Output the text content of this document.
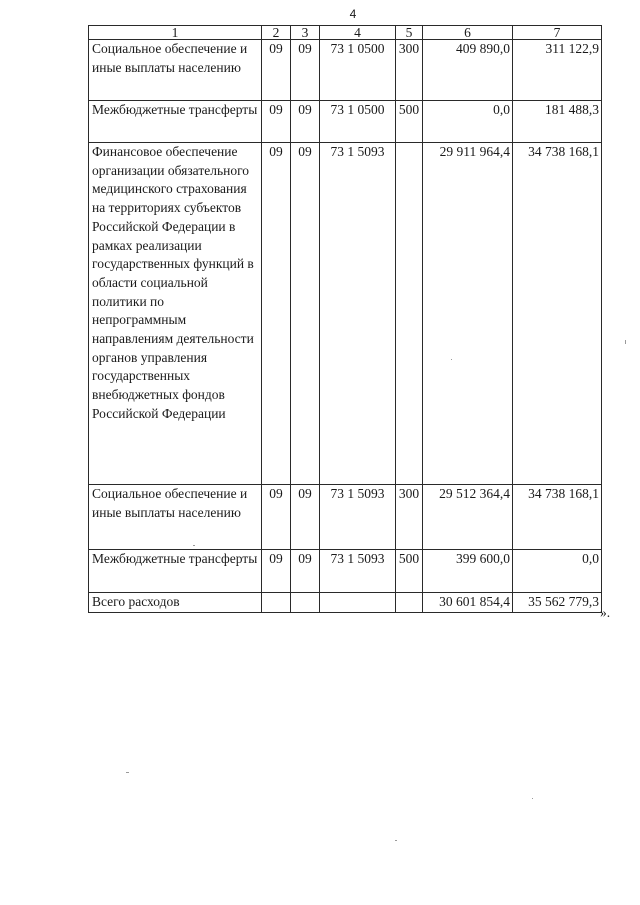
4
1	2	3	4	5	6	7
Социальное обеспечение и иные выплаты населению	09	09	73 1 0500	300	409 890,0	311 122,9
Межбюджетные трансферты	09	09	73 1 0500	500	0,0	181 488,3
Финансовое обеспечение организации обязательного медицинского страхования на территориях субъектов Российской Федерации в рамках реализации государственных функций в области социальной политики по непрограммным направлениям деятельности органов управления государственных внебюджетных фондов Российской Федерации	09	09	73 1 5093		29 911 964,4	34 738 168,1
Социальное обеспечение и иные выплаты населению	09	09	73 1 5093	300	29 512 364,4	34 738 168,1
Межбюджетные трансферты	09	09	73 1 5093	500	399 600,0	0,0
Всего расходов					30 601 854,4	35 562 779,3
».
